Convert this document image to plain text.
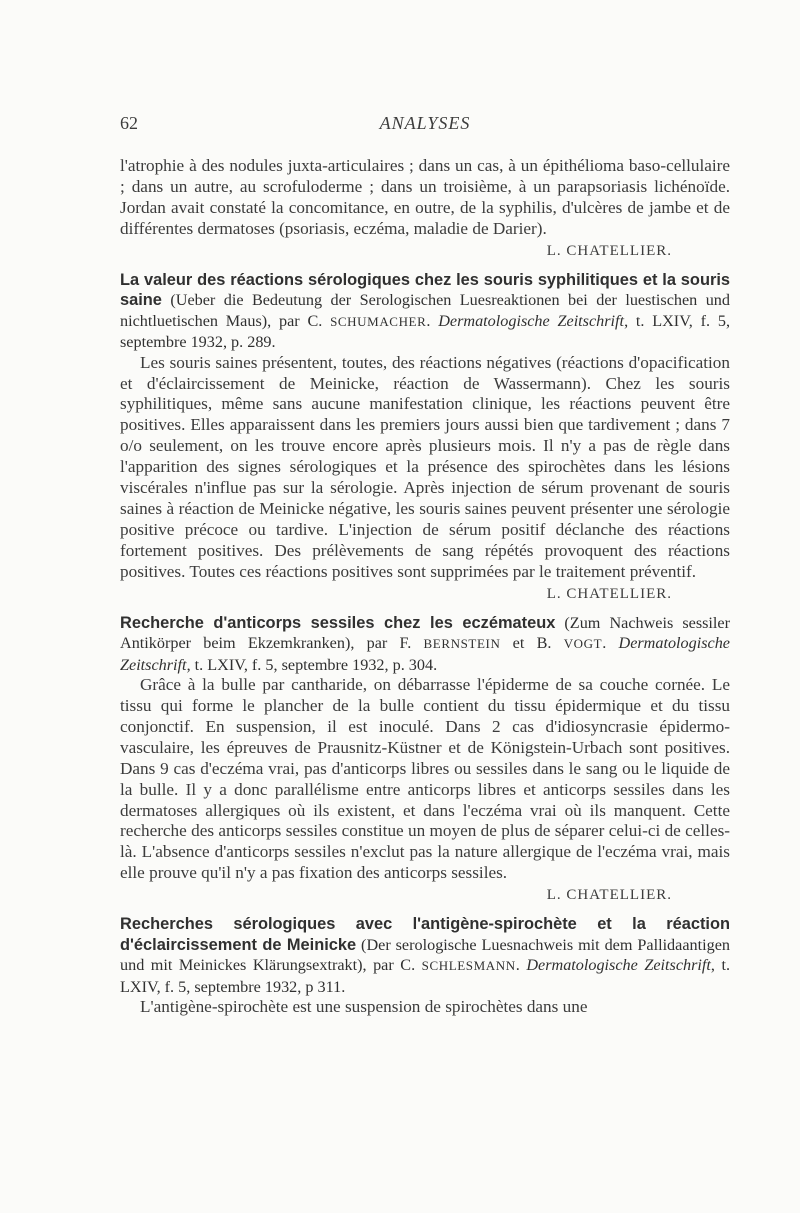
62	ANALYSES

l'atrophie à des nodules juxta-articulaires ; dans un cas, à un épithélioma baso-cellulaire ; dans un autre, au scrofuloderme ; dans un troisième, à un parapsoriasis lichénoïde. Jordan avait constaté la concomitance, en outre, de la syphilis, d'ulcères de jambe et de différentes dermatoses (psoriasis, eczéma, maladie de Darier).

L. CHATELLIER.

La valeur des réactions sérologiques chez les souris syphilitiques et la souris saine (Ueber die Bedeutung der Serologischen Luesreaktionen bei der luestischen und nichtluetischen Maus), par C. SCHUMACHER. Dermatologische Zeitschrift, t. LXIV, f. 5, septembre 1932, p. 289.

Les souris saines présentent, toutes, des réactions négatives (réactions d'opacification et d'éclaircissement de Meinicke, réaction de Wassermann). Chez les souris syphilitiques, même sans aucune manifestation clinique, les réactions peuvent être positives. Elles apparaissent dans les premiers jours aussi bien que tardivement ; dans 7 o/o seulement, on les trouve encore après plusieurs mois. Il n'y a pas de règle dans l'apparition des signes sérologiques et la présence des spirochètes dans les lésions viscérales n'influe pas sur la sérologie. Après injection de sérum provenant de souris saines à réaction de Meinicke négative, les souris saines peuvent présenter une sérologie positive précoce ou tardive. L'injection de sérum positif déclanche des réactions fortement positives. Des prélèvements de sang répétés provoquent des réactions positives. Toutes ces réactions positives sont supprimées par le traitement préventif.

L. CHATELLIER.

Recherche d'anticorps sessiles chez les eczémateux (Zum Nachweis sessiler Antikörper beim Ekzemkranken), par F. BERNSTEIN et B. VOGT. Dermatologische Zeitschrift, t. LXIV, f. 5, septembre 1932, p. 304.

Grâce à la bulle par cantharide, on débarrasse l'épiderme de sa couche cornée. Le tissu qui forme le plancher de la bulle contient du tissu épidermique et du tissu conjonctif. En suspension, il est inoculé. Dans 2 cas d'idiosyncrasie épidermo-vasculaire, les épreuves de Prausnitz-Küstner et de Königstein-Urbach sont positives. Dans 9 cas d'eczéma vrai, pas d'anticorps libres ou sessiles dans le sang ou le liquide de la bulle. Il y a donc parallélisme entre anticorps libres et anticorps sessiles dans les dermatoses allergiques où ils existent, et dans l'eczéma vrai où ils manquent. Cette recherche des anticorps sessiles constitue un moyen de plus de séparer celui-ci de celles-là. L'absence d'anticorps sessiles n'exclut pas la nature allergique de l'eczéma vrai, mais elle prouve qu'il n'y a pas fixation des anticorps sessiles.

L. CHATELLIER.

Recherches sérologiques avec l'antigène-spirochète et la réaction d'éclaircissement de Meinicke (Der serologische Luesnachweis mit dem Pallidaantigen und mit Meinickes Klärungsextrakt), par C. SCHLESMANN. Dermatologische Zeitschrift, t. LXIV, f. 5, septembre 1932, p 311.

L'antigène-spirochète est une suspension de spirochètes dans une
